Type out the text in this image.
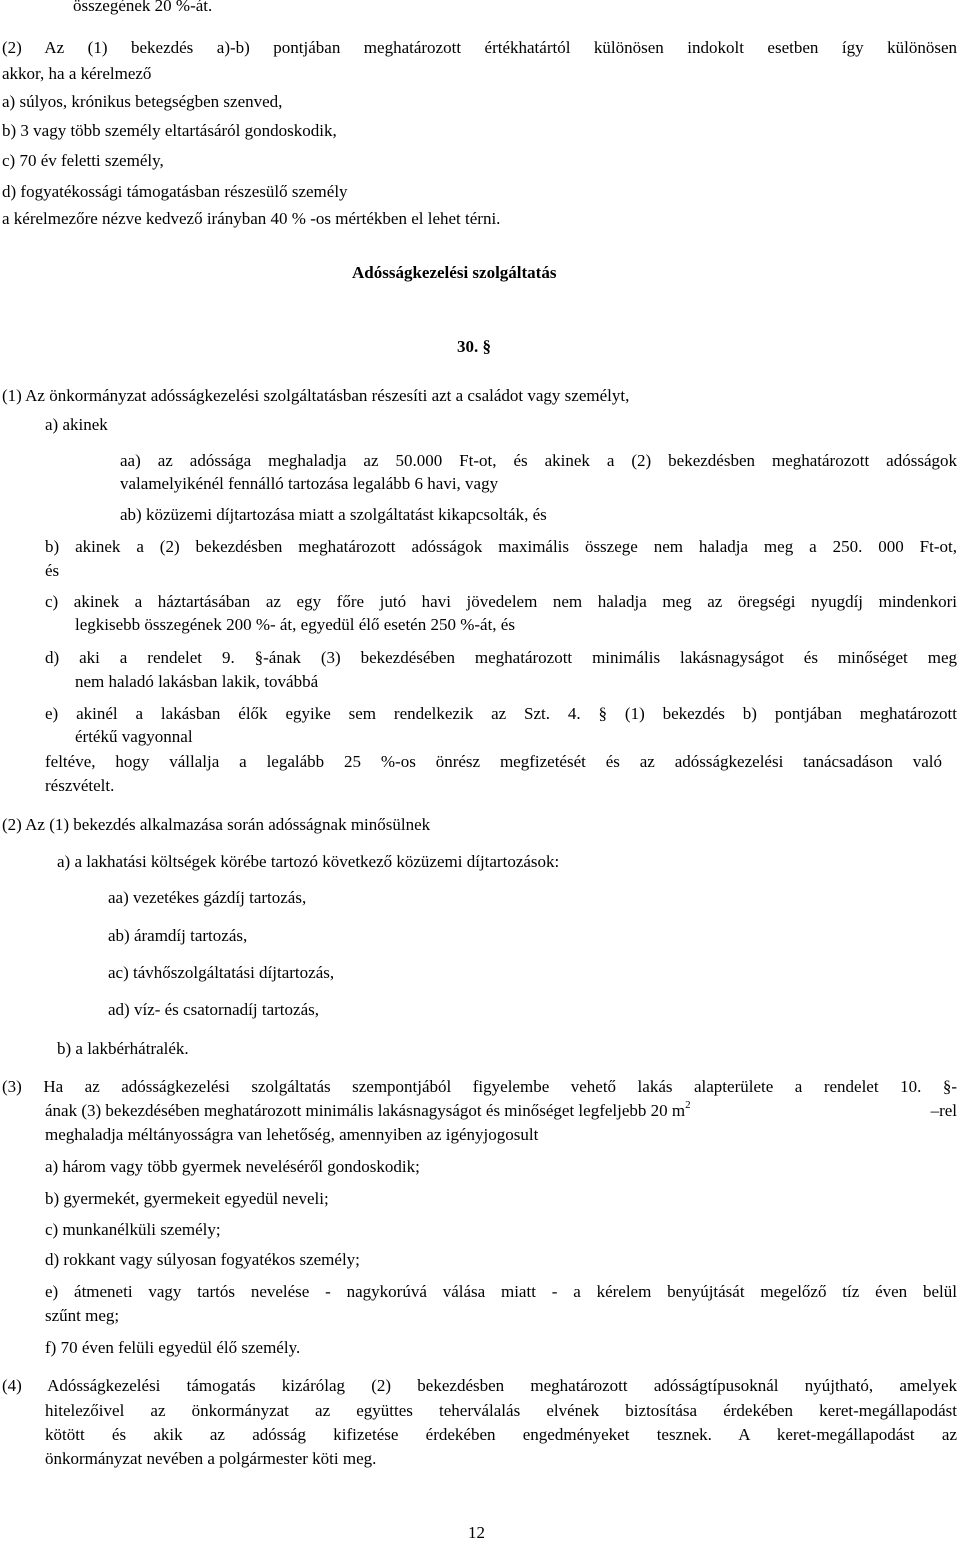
összegének 20 %-át.
(2) Az (1) bekezdés a)-b) pontjában meghatározott értékhatártól különösen indokolt esetben így különösen
akkor, ha a kérelmező
a) súlyos, krónikus betegségben szenved,
b) 3 vagy több személy eltartásáról gondoskodik,
c) 70 év feletti személy,
d) fogyatékossági támogatásban részesülő személy
a kérelmezőre nézve kedvező irányban 40 % -os mértékben el lehet térni.
Adósságkezelési szolgáltatás
30. §
(1) Az önkormányzat adósságkezelési szolgáltatásban részesíti azt a családot vagy személyt,
a) akinek
aa) az adóssága meghaladja az 50.000 Ft-ot, és akinek a (2) bekezdésben meghatározott adósságok
valamelyikénél fennálló tartozása legalább 6 havi, vagy
ab) közüzemi díjtartozása miatt a szolgáltatást kikapcsolták, és
b) akinek a (2) bekezdésben meghatározott adósságok maximális összege nem haladja meg a 250. 000 Ft-ot,
és
c) akinek a háztartásában az egy főre jutó havi jövedelem nem haladja meg az öregségi nyugdíj mindenkori
legkisebb összegének 200 %- át, egyedül élő esetén 250 %-át, és
d) aki a rendelet 9. §-ának (3) bekezdésében meghatározott minimális lakásnagyságot és minőséget meg
nem haladó lakásban lakik, továbbá
e) akinél a lakásban élők egyike sem rendelkezik az Szt. 4. § (1) bekezdés b) pontjában meghatározott
értékű vagyonnal
feltéve, hogy vállalja a legalább 25 %-os önrész megfizetését és az adósságkezelési tanácsadáson való
részvételt.
(2) Az (1) bekezdés alkalmazása során adósságnak minősülnek
a) a lakhatási költségek körébe tartozó következő közüzemi díjtartozások:
aa) vezetékes gázdíj tartozás,
ab) áramdíj tartozás,
ac) távhőszolgáltatási díjtartozás,
ad) víz- és csatornadíj tartozás,
b) a lakbérhátralék.
(3) Ha az adósságkezelési szolgáltatás szempontjából figyelembe vehető lakás alapterülete a rendelet 10. §-
ának (3) bekezdésében meghatározott minimális lakásnagyságot és minőséget legfeljebb 20 $m^2$	–rel
meghaladja méltányosságra van lehetőség, amennyiben az igényjogosult
a) három vagy több gyermek neveléséről gondoskodik;
b) gyermekét, gyermekeit egyedül neveli;
c) munkanélküli személy;
d) rokkant vagy súlyosan fogyatékos személy;
e) átmeneti vagy tartós nevelése - nagykorúvá válása miatt - a kérelem benyújtását megelőző tíz éven belül
szűnt meg;
f) 70 éven felüli egyedül élő személy.
(4) Adósságkezelési támogatás kizárólag (2) bekezdésben meghatározott adósságtípusoknál nyújtható, amelyek
hitelezőivel az önkormányzat az együttes teherválalás elvének biztosítása érdekében keret-megállapodást
kötött és akik az adósság kifizetése érdekében engedményeket tesznek. A keret-megállapodást az
önkormányzat nevében a polgármester köti meg.
12
